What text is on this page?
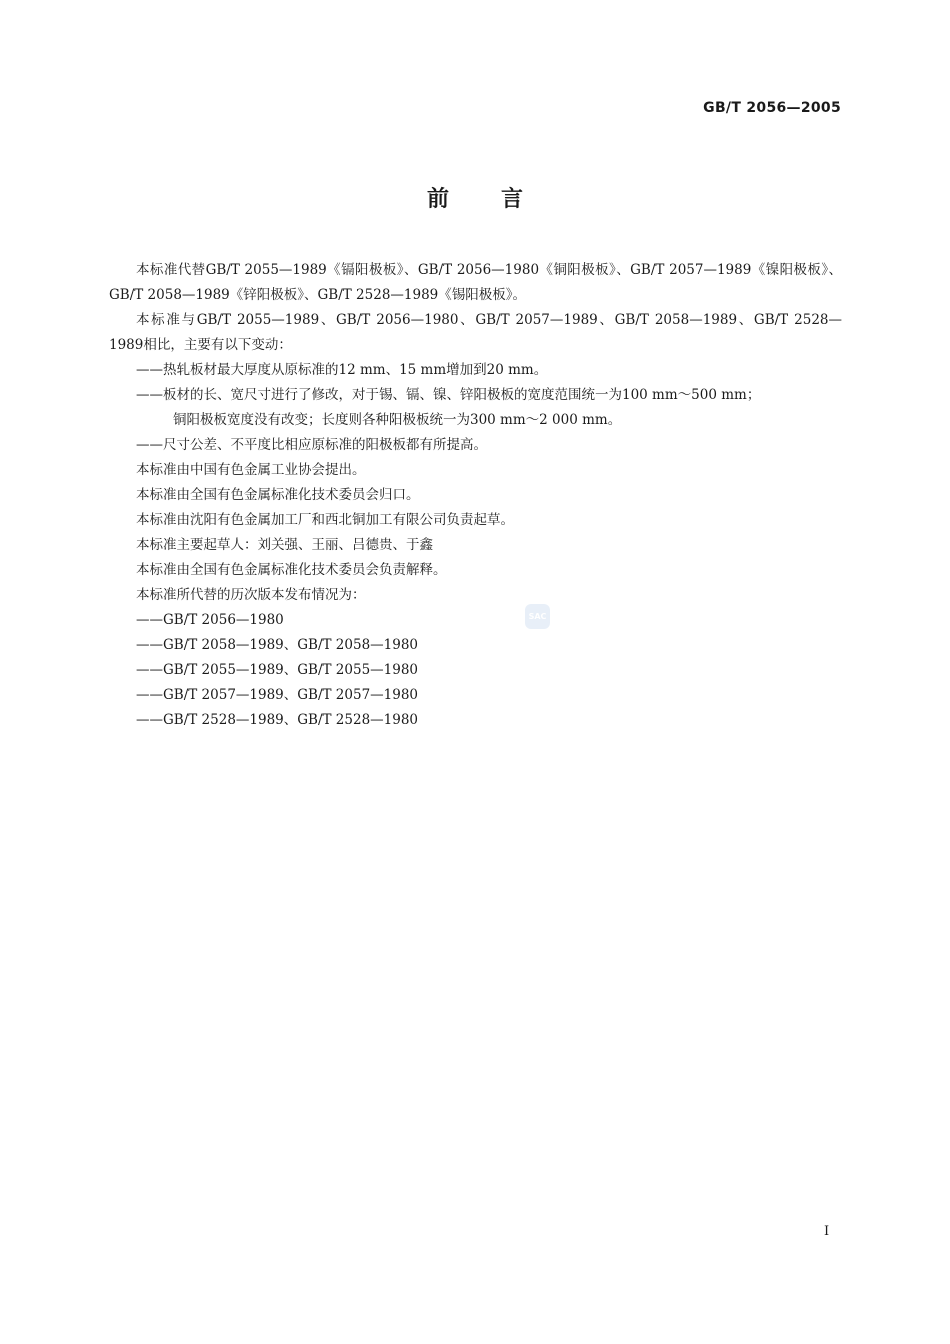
GB/T 2056—2005
前言

本标准代替GB/T 2055—1989《镉阳极板》、GB/T 2056—1980《铜阳极板》、GB/T 2057—1989《镍阳极板》、GB/T 2058—1989《锌阳极板》、GB/T 2528—1989《锡阳极板》。

本标准与GB/T 2055—1989、GB/T 2056—1980、GB/T 2057—1989、GB/T 2058—1989、GB/T 2528—1989相比，主要有以下变动：

——热轧板材最大厚度从原标准的12 mm、15 mm增加到20 mm。

——板材的长、宽尺寸进行了修改，对于锡、镉、镍、锌阳极板的宽度范围统一为100 mm～500 mm；
铜阳极板宽度没有改变；长度则各种阳极板统一为300 mm～2 000 mm。

——尺寸公差、不平度比相应原标准的阳极板都有所提高。

本标准由中国有色金属工业协会提出。

本标准由全国有色金属标准化技术委员会归口。

本标准由沈阳有色金属加工厂和西北铜加工有限公司负责起草。

本标准主要起草人：刘关强、王丽、吕德贵、于鑫

本标准由全国有色金属标准化技术委员会负责解释。

本标准所代替的历次版本发布情况为：

——GB/T 2056—1980

——GB/T 2058—1989、GB/T 2058—1980

——GB/T 2055—1989、GB/T 2055—1980

——GB/T 2057—1989、GB/T 2057—1980

——GB/T 2528—1989、GB/T 2528—1980

SAC
I
